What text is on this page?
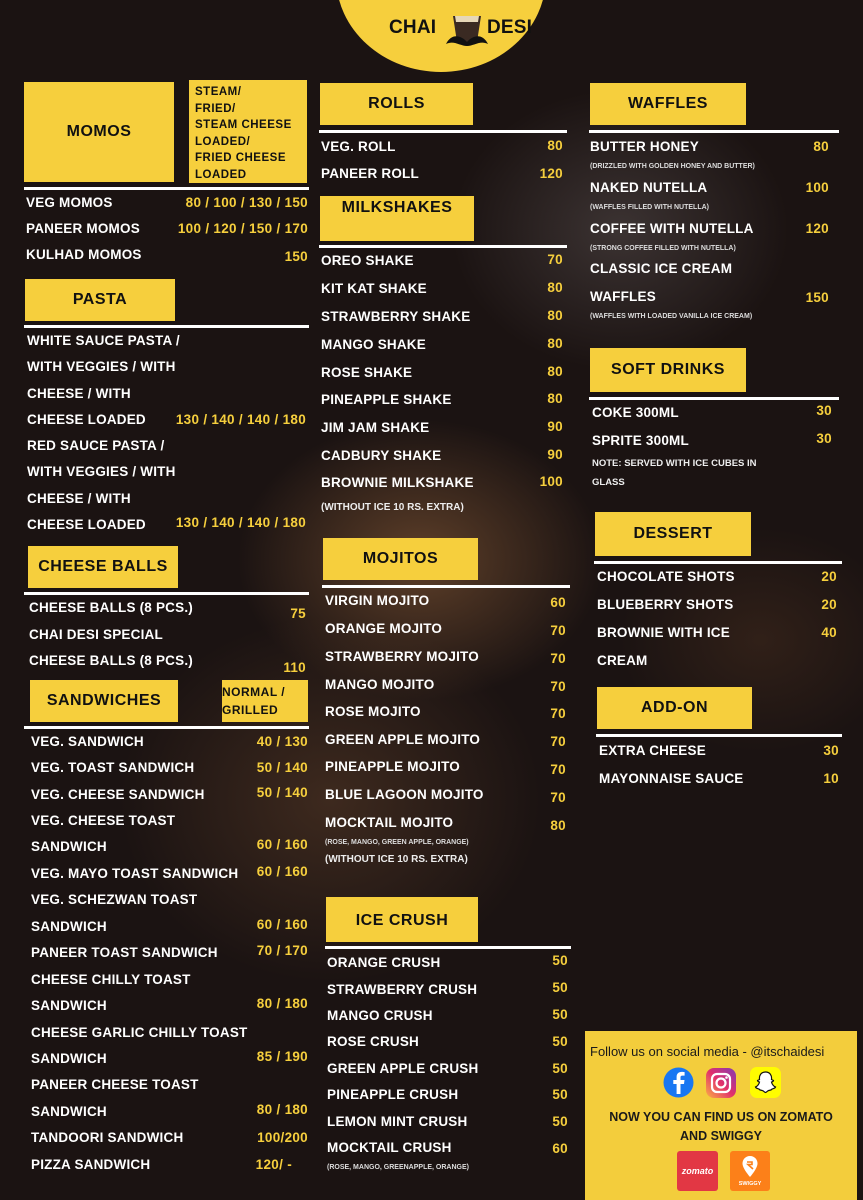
CHAI	DESI
MOMOS
STEAM/
FRIED/
STEAM CHEESE
LOADED/
FRIED CHEESE
LOADED
VEG MOMOS	80 / 100 / 130 / 150
PANEER MOMOS	100 / 120 / 150 / 170
KULHAD MOMOS	150
PASTA
WHITE SAUCE PASTA /
WITH VEGGIES / WITH
CHEESE / WITH
CHEESE LOADED 130 / 140 / 140 / 180
RED SAUCE PASTA /
WITH VEGGIES / WITH
CHEESE / WITH
CHEESE LOADED 130 / 140 / 140 / 180
CHEESE BALLS
CHEESE BALLS (8 PCS.)	75
CHAI DESI SPECIAL
CHEESE BALLS (8 PCS.)	110
SANDWICHES	NORMAL /
GRILLED
VEG. SANDWICH	40 / 130
VEG. TOAST SANDWICH	50 / 140
VEG. CHEESE SANDWICH	50 / 140
VEG. CHEESE TOAST
SANDWICH	60 / 160
VEG. MAYO TOAST SANDWICH 60 / 160
VEG. SCHEZWAN TOAST
SANDWICH	60 / 160
PANEER TOAST SANDWICH	70 / 170
CHEESE CHILLY TOAST
SANDWICH	80 / 180
CHEESE GARLIC CHILLY TOAST
SANDWICH	85 / 190
PANEER CHEESE TOAST
SANDWICH	80 / 180
TANDOORI SANDWICH	100/200
PIZZA SANDWICH	120/ -
ROLLS
VEG. ROLL	80
PANEER ROLL	120
MILKSHAKES
OREO SHAKE	70
KIT KAT SHAKE	80
STRAWBERRY SHAKE	80
MANGO SHAKE	80
ROSE SHAKE	80
PINEAPPLE SHAKE	80
JIM JAM SHAKE	90
CADBURY SHAKE	90
BROWNIE MILKSHAKE	100
(WITHOUT ICE 10 RS. EXTRA)
MOJITOS
VIRGIN MOJITO	60
ORANGE MOJITO	70
STRAWBERRY MOJITO	70
MANGO MOJITO	70
ROSE MOJITO	70
GREEN APPLE MOJITO	70
PINEAPPLE MOJITO	70
BLUE LAGOON MOJITO	70
MOCKTAIL MOJITO	80
(ROSE, MANGO, GREEN APPLE, ORANGE)
(WITHOUT ICE 10 RS. EXTRA)
ICE CRUSH
ORANGE CRUSH	50
STRAWBERRY CRUSH	50
MANGO CRUSH	50
ROSE CRUSH	50
GREEN APPLE CRUSH	50
PINEAPPLE CRUSH	50
LEMON MINT CRUSH	50
MOCKTAIL CRUSH	60
(ROSE, MANGO, GREENAPPLE, ORANGE)
WAFFLES
BUTTER HONEY	80
(DRIZZLED WITH GOLDEN HONEY AND BUTTER)
NAKED NUTELLA	100
(WAFFLES FILLED WITH NUTELLA)
COFFEE WITH NUTELLA	120
(STRONG COFFEE FILLED WITH NUTELLA)
CLASSIC ICE CREAM
WAFFLES	150
(WAFFLES WITH LOADED VANILLA ICE CREAM)
SOFT DRINKS
COKE 300ML	30
SPRITE 300ML	30
NOTE: SERVED WITH ICE CUBES IN
GLASS
DESSERT
CHOCOLATE SHOTS	20
BLUEBERRY SHOTS	20
BROWNIE WITH ICE	40
CREAM
ADD-ON
EXTRA CHEESE	30
MAYONNAISE SAUCE	10
Follow us on social media - @itschaidesi
NOW YOU CAN FIND US ON ZOMATO
AND SWIGGY
zomato
SWIGGY
